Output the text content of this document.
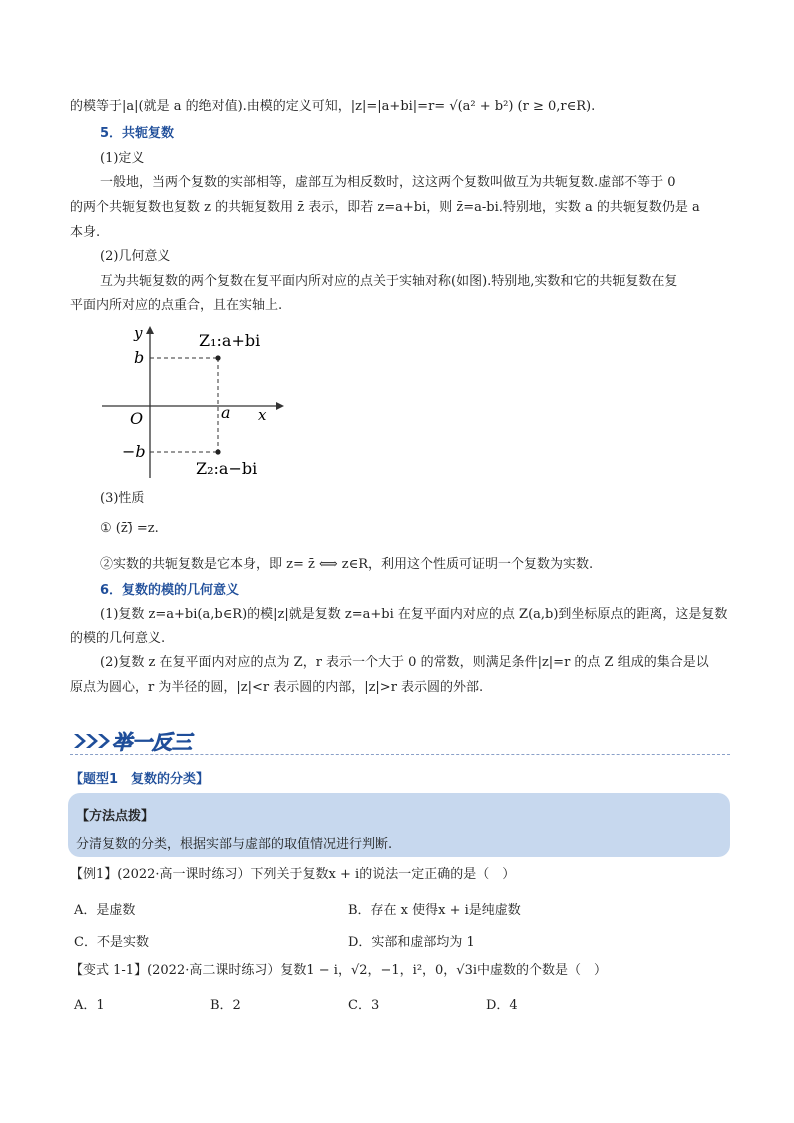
的模等于|a|(就是 a 的绝对值).由模的定义可知，|z|=|a+bi|=r= √(a² + b²) (r ≥ 0,r∈R).
5．共轭复数
(1)定义
一般地，当两个复数的实部相等，虚部互为相反数时，这这两个复数叫做互为共轭复数.虚部不等于 0
的两个共轭复数也复数 z 的共轭复数用 z̄ 表示，即若 z=a+bi，则 z̄=a-bi.特别地，实数 a 的共轭复数仍是 a
本身.
(2)几何意义
互为共轭复数的两个复数在复平面内所对应的点关于实轴对称(如图).特别地,实数和它的共轭复数在复
平面内所对应的点重合，且在实轴上.
y
x
O
b
−b
a
Z₁:a+bi
Z₂:a−bi
(3)性质
① (z̄)̄ =z.
②实数的共轭复数是它本身，即 z= z̄ ⟺ z∈R，利用这个性质可证明一个复数为实数.
6．复数的模的几何意义
(1)复数 z=a+bi(a,b∈R)的模|z|就是复数 z=a+bi 在复平面内对应的点 Z(a,b)到坐标原点的距离，这是复数
的模的几何意义.
(2)复数 z 在复平面内对应的点为 Z，r 表示一个大于 0 的常数，则满足条件|z|=r 的点 Z 组成的集合是以
原点为圆心，r 为半径的圆，|z|<r 表示圆的内部，|z|>r 表示圆的外部.
举一反三
【题型1　复数的分类】
【方法点拨】
分清复数的分类，根据实部与虚部的取值情况进行判断.
【例1】(2022·高一课时练习）下列关于复数x + i的说法一定正确的是（　）
A．是虚数	B．存在 x 使得x + i是纯虚数
C．不是实数	D．实部和虚部均为 1
【变式 1-1】(2022·高二课时练习）复数1 − i，√2，−1，i²，0，√3i中虚数的个数是（　）
A．1	B．2	C．3	D．4
